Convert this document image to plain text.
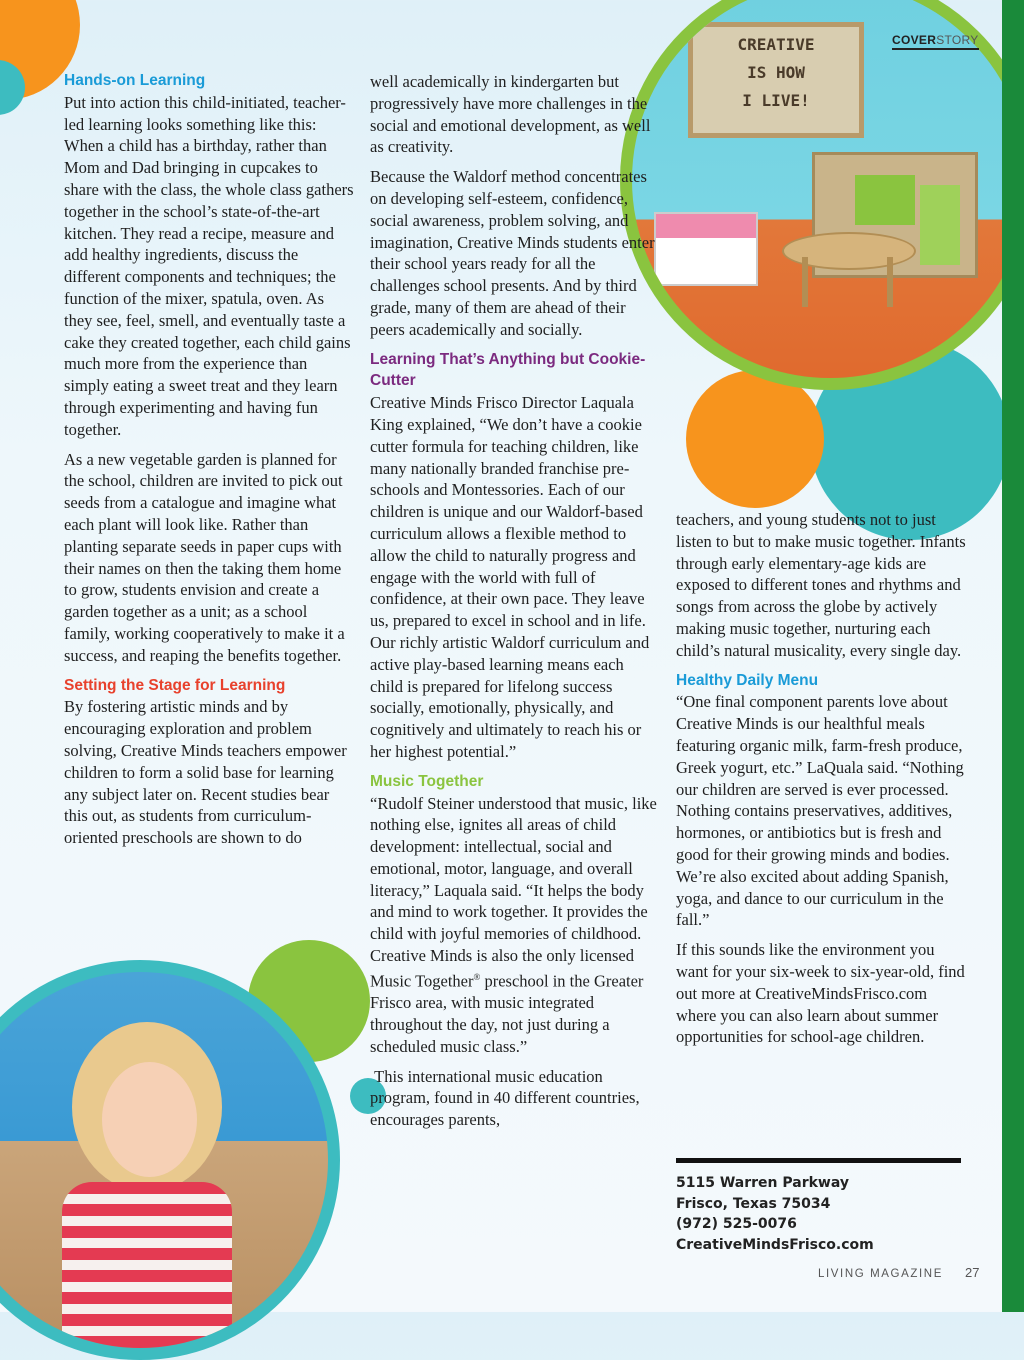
CREATIVE
IS HOW
I LIVE!
COVERSTORY
Hands-on Learning

Put into action this child-initiated, teacher-led learning looks something like this: When a child has a birthday, rather than Mom and Dad bringing in cupcakes to share with the class, the whole class gathers together in the school’s state-of-the-art kitchen. They read a recipe, measure and add healthy ingredients, discuss the different components and techniques; the function of the mixer, spatula, oven. As they see, feel, smell, and eventually taste a cake they created together, each child gains much more from the experience than simply eating a sweet treat and they learn through experimenting and having fun together.

As a new vegetable garden is planned for the school, children are invited to pick out seeds from a catalogue and imagine what each plant will look like. Rather than planting separate seeds in paper cups with their names on then the taking them home to grow, students envision and create a garden together as a unit; as a school family, working cooperatively to make it a success, and reaping the benefits together.

Setting the Stage for Learning

By fostering artistic minds and by encouraging exploration and problem solving, Creative Minds teachers empower children to form a solid base for learning any subject later on. Recent studies bear this out, as students from curriculum-oriented preschools are shown to do

well academically in kindergarten but progressively have more challenges in the social and emotional development, as well as creativity.

Because the Waldorf method concentrates on developing self-esteem, confidence, social awareness, problem solving, and imagination, Creative Minds students enter their school years ready for all the challenges school presents. And by third grade, many of them are ahead of their peers academically and socially.

Learning That’s Anything but Cookie-Cutter

Creative Minds Frisco Director Laquala King explained, “We don’t have a cookie cutter formula for teaching children, like many nationally branded franchise pre-schools and Montessories. Each of our children is unique and our Waldorf-based curriculum allows a flexible method to allow the child to naturally progress and engage with the world with full of confidence, at their own pace. They leave us, prepared to excel in school and in life. Our richly artistic Waldorf curriculum and active play-based learning means each child is prepared for lifelong success socially, emotionally, physically, and cognitively and ultimately to reach his or her highest potential.”

Music Together

“Rudolf Steiner understood that music, like nothing else, ignites all areas of child development: intellectual, social and emotional, motor, language, and overall literacy,” Laquala said. “It helps the body and mind to work together. It provides the child with joyful memories of childhood. Creative Minds is also the only licensed Music Together® preschool in the Greater Frisco area, with music integrated throughout the day, not just during a scheduled music class.”

This international music education program, found in 40 different countries, encourages parents,

teachers, and young students not to just listen to but to make music together. Infants through early elementary-age kids are exposed to different tones and rhythms and songs from across the globe by actively making music together, nurturing each child’s natural musicality, every single day.

Healthy Daily Menu

“One final component parents love about Creative Minds is our healthful meals featuring organic milk, farm-fresh produce, Greek yogurt, etc.” LaQuala said. “Nothing our children are served is ever processed. Nothing contains preservatives, additives, hormones, or antibiotics but is fresh and good for their growing minds and bodies. We’re also excited about adding Spanish, yoga, and dance to our curriculum in the fall.”

If this sounds like the environment you want for your six-week to six-year-old, find out more at CreativeMindsFrisco.com where you can also learn about summer opportunities for school-age children.

5115 Warren Parkway
Frisco, Texas 75034
(972) 525-0076
CreativeMindsFrisco.com
LIVING MAGAZINE 27
